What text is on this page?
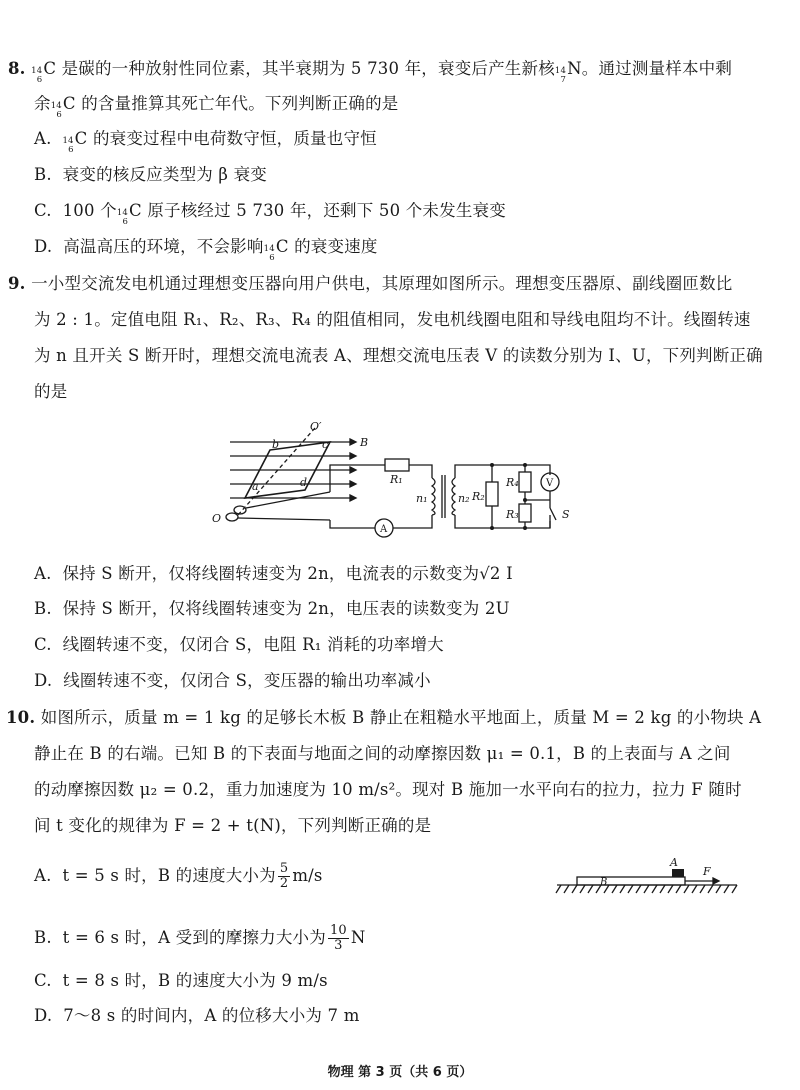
8. 14
6
C 是碳的一种放射性同位素，其半衰期为 5 730 年，衰变后产生新核 14
7
N。通过测量样本中剩
余 14
6
C 的含量推算其死亡年代。下列判断正确的是
A. 14
6
C 的衰变过程中电荷数守恒，质量也守恒
B. 衰变的核反应类型为 β 衰变
C. 100 个 14
6
C 原子核经过 5 730 年，还剩下 50 个未发生衰变
D. 高温高压的环境，不会影响 14
6
C 的衰变速度
9. 一小型交流发电机通过理想变压器向用户供电，其原理如图所示。理想变压器原、副线圈匝数比
为 2 : 1。定值电阻 R₁、R₂、R₃、R₄ 的阻值相同，发电机线圈电阻和导线电阻均不计。线圈转速
为 n 且开关 S 断开时，理想交流电流表 A、理想交流电压表 V 的读数分别为 I、U，下列判断正确
的是
O′
O
b	c	B
a	d	R₁
n₁	n₂ R₂
R₄
R₃	S
V
A
A. 保持 S 断开，仅将线圈转速变为 2n，电流表的示数变为√2 I
B. 保持 S 断开，仅将线圈转速变为 2n，电压表的读数变为 2U
C. 线圈转速不变，仅闭合 S，电阻 R₁ 消耗的功率增大
D. 线圈转速不变，仅闭合 S，变压器的输出功率减小
10. 如图所示，质量 m = 1 kg 的足够长木板 B 静止在粗糙水平地面上，质量 M = 2 kg 的小物块 A
静止在 B 的右端。已知 B 的下表面与地面之间的动摩擦因数 μ₁ = 0.1，B 的上表面与 A 之间
的动摩擦因数 μ₂ = 0.2，重力加速度为 10 m/s²。现对 B 施加一水平向右的拉力，拉力 F 随时
间 t 变化的规律为 F = 2 + t(N)，下列判断正确的是
A
B
F
A. t = 5 s 时，B 的速度大小为 $\frac{5}{2} m/s$
B. t = 6 s 时，A 受到的摩擦力大小为 $\frac{10}{3}$ N
C. t = 8 s 时，B 的速度大小为 9 m/s
D. 7～8 s 的时间内，A 的位移大小为 7 m
物理 第 3 页（共 6 页）
